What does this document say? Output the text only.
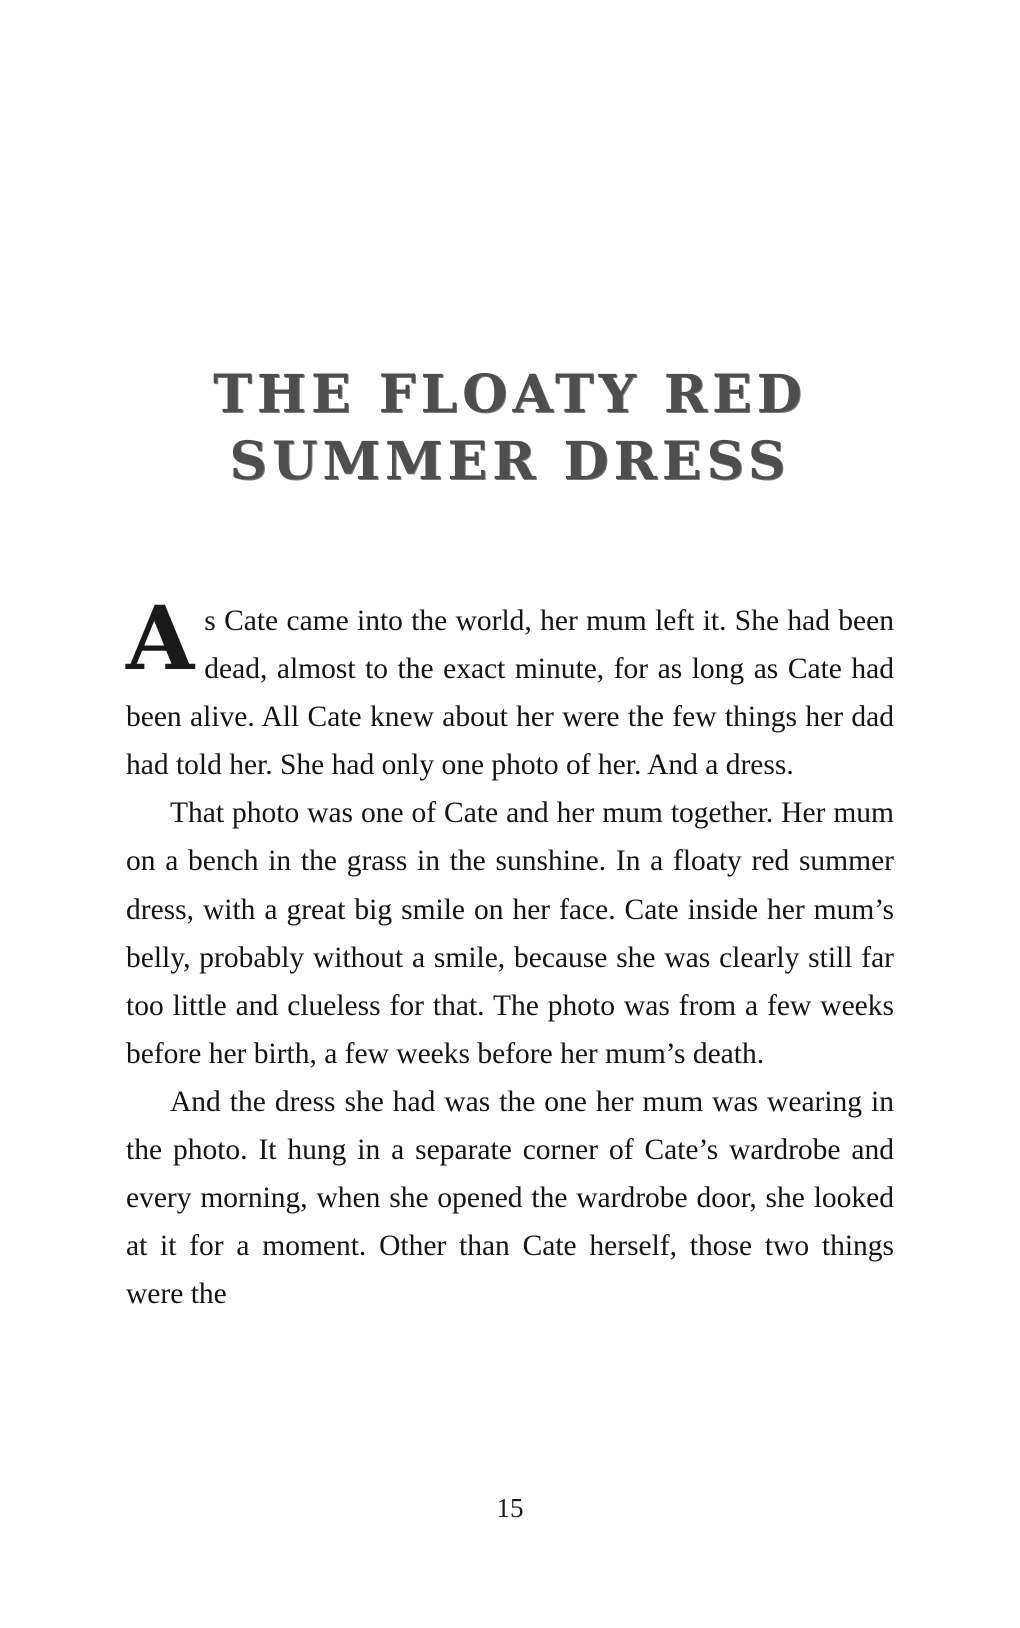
THE FLOATY RED
SUMMER DRESS

As Cate came into the world, her mum left it. She had been dead, almost to the exact minute, for as long as Cate had been alive. All Cate knew about her were the few things her dad had told her. She had only one photo of her. And a dress.

That photo was one of Cate and her mum together. Her mum on a bench in the grass in the sunshine. In a floaty red summer dress, with a great big smile on her face. Cate inside her mum’s belly, probably without a smile, because she was clearly still far too little and clueless for that. The photo was from a few weeks before her birth, a few weeks before her mum’s death.

And the dress she had was the one her mum was wearing in the photo. It hung in a separate corner of Cate’s wardrobe and every morning, when she opened the wardrobe door, she looked at it for a moment. Other than Cate herself, those two things were the

15
